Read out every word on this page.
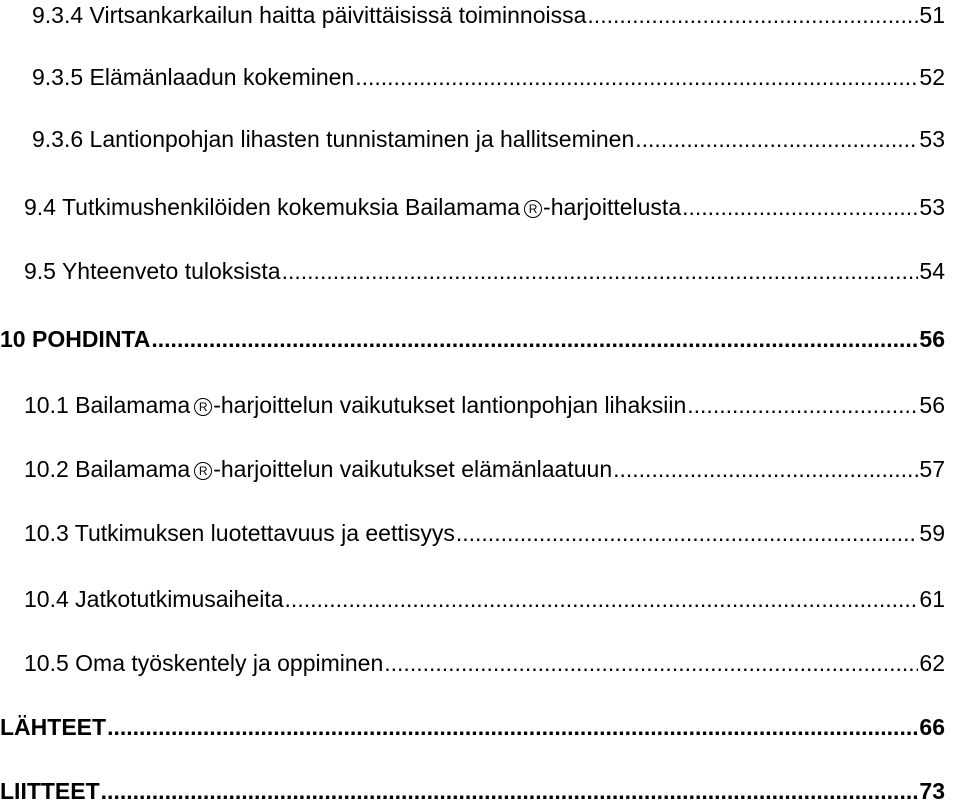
9.3.4 Virtsankarkailun haitta päivittäisissä toiminnoissa .....	51
9.3.5 Elämänlaadun kokeminen .....	52
9.3.6 Lantionpohjan lihasten tunnistaminen ja hallitseminen .....	53
9.4 Tutkimushenkilöiden kokemuksia Bailamama R -harjoittelusta .....	53
9.5 Yhteenveto tuloksista .....	54
10 POHDINTA .....	56
10.1 Bailamama R -harjoittelun vaikutukset lantionpohjan lihaksiin .....	56
10.2 Bailamama R -harjoittelun vaikutukset elämänlaatuun .....	57
10.3 Tutkimuksen luotettavuus ja eettisyys .....	59
10.4 Jatkotutkimusaiheita .....	61
10.5 Oma työskentely ja oppiminen .....	62
LÄHTEET .....	66
LIITTEET .....	73
